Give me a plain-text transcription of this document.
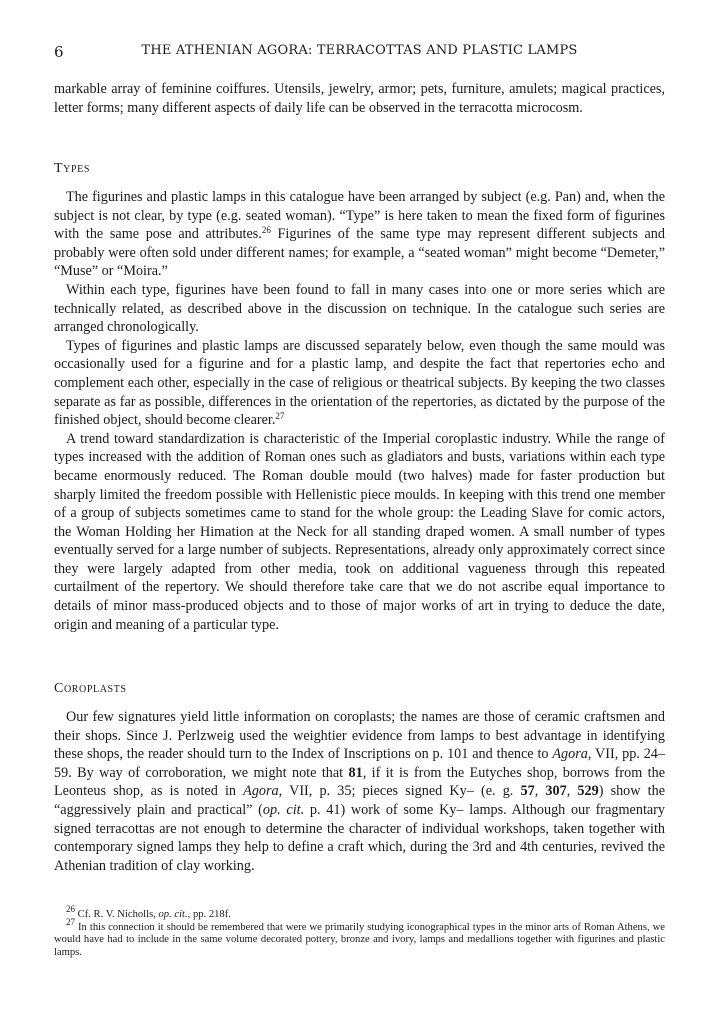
6	THE ATHENIAN AGORA: TERRACOTTAS AND PLASTIC LAMPS

markable array of feminine coiffures. Utensils, jewelry, armor; pets, furniture, amulets; magical practices, letter forms; many different aspects of daily life can be observed in the terracotta microcosm.

Types

The figurines and plastic lamps in this catalogue have been arranged by subject (e.g. Pan) and, when the subject is not clear, by type (e.g. seated woman). “Type” is here taken to mean the fixed form of figurines with the same pose and attributes.$^{26}$ Figurines of the same type may represent different subjects and probably were often sold under different names; for example, a “seated woman” might become “Demeter,” “Muse” or “Moira.”

Within each type, figurines have been found to fall in many cases into one or more series which are technically related, as described above in the discussion on technique. In the catalogue such series are arranged chronologically.

Types of figurines and plastic lamps are discussed separately below, even though the same mould was occasionally used for a figurine and for a plastic lamp, and despite the fact that repertories echo and complement each other, especially in the case of religious or theatrical subjects. By keeping the two classes separate as far as possible, differences in the orientation of the repertories, as dictated by the purpose of the finished object, should become clearer.$^{27}$

A trend toward standardization is characteristic of the Imperial coroplastic industry. While the range of types increased with the addition of Roman ones such as gladiators and busts, variations within each type became enormously reduced. The Roman double mould (two halves) made for faster production but sharply limited the freedom possible with Hellenistic piece moulds. In keeping with this trend one member of a group of subjects sometimes came to stand for the whole group: the Leading Slave for comic actors, the Woman Holding her Himation at the Neck for all standing draped women. A small number of types eventually served for a large number of subjects. Representations, already only approximately correct since they were largely adapted from other media, took on additional vagueness through this repeated curtailment of the repertory. We should therefore take care that we do not ascribe equal importance to details of minor mass-produced objects and to those of major works of art in trying to deduce the date, origin and meaning of a particular type.

Coroplasts

Our few signatures yield little information on coroplasts; the names are those of ceramic craftsmen and their shops. Since J. Perlzweig used the weightier evidence from lamps to best advantage in identifying these shops, the reader should turn to the Index of Inscriptions on p. 101 and thence to Agora, VII, pp. 24–59. By way of corroboration, we might note that 81, if it is from the Eutyches shop, borrows from the Leonteus shop, as is noted in Agora, VII, p. 35; pieces signed Ky– (e. g. 57, 307, 529) show the “aggressively plain and practical” (op. cit. p. 41) work of some Ky– lamps. Although our fragmentary signed terracottas are not enough to determine the character of individual workshops, taken together with contemporary signed lamps they help to define a craft which, during the 3rd and 4th centuries, revived the Athenian tradition of clay working.

$^{26}$ Cf. R. V. Nicholls, op. cit., pp. 218f.

$^{27}$ In this connection it should be remembered that were we primarily studying iconographical types in the minor arts of Roman Athens, we would have had to include in the same volume decorated pottery, bronze and ivory, lamps and medallions together with figurines and plastic lamps.
